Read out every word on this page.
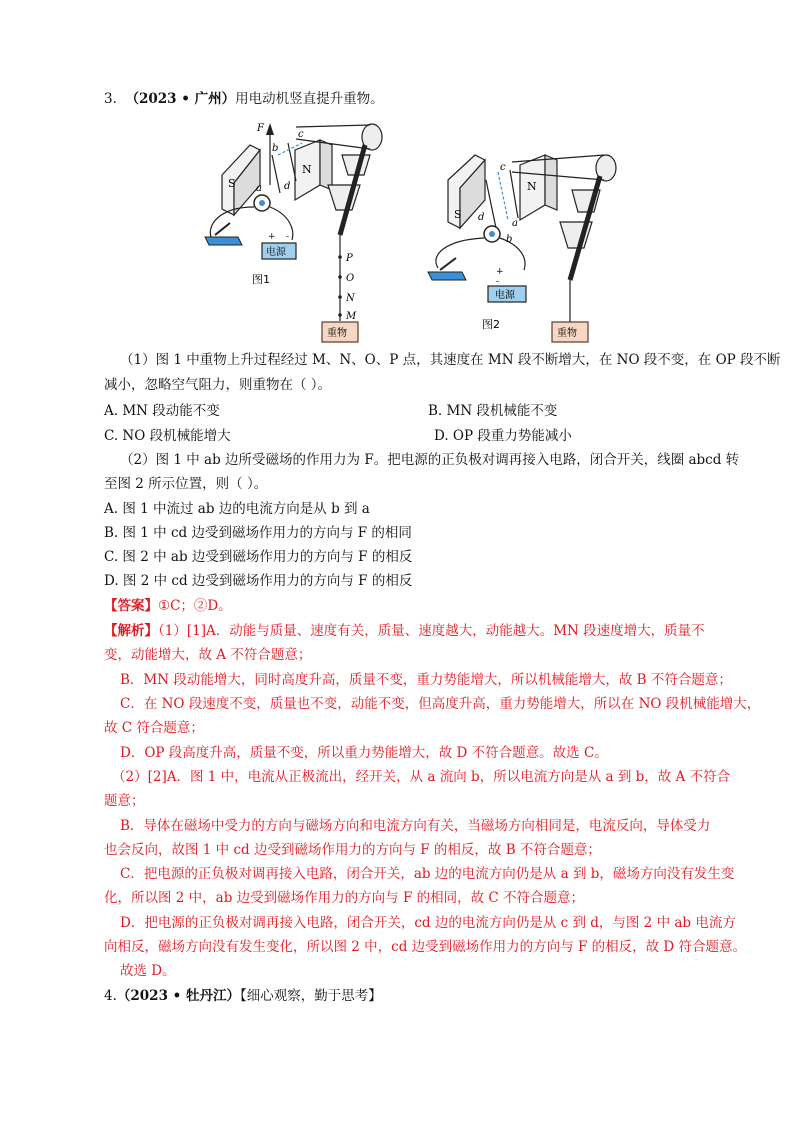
3. （2023 • 广州）用电动机竖直提升重物。
电源
+ -
F
b
a d
c
S
N
P
O
N
M
重物
图1
电源
+
-
c
d
a
b
S
N
重物
图2
（1）图 1 中重物上升过程经过 M、N、O、P 点，其速度在 MN 段不断增大，在 NO 段不变，在 OP 段不断
减小，忽略空气阻力，则重物在（ ）。
A. MN 段动能不变	B. MN 段机械能不变
C. NO 段机械能增大	D. OP 段重力势能减小
（2）图 1 中 ab 边所受磁场的作用力为 F。把电源的正负极对调再接入电路，闭合开关，线圈 abcd 转
至图 2 所示位置，则（ ）。
A. 图 1 中流过 ab 边的电流方向是从 b 到 a
B. 图 1 中 cd 边受到磁场作用力的方向与 F 的相同
C. 图 2 中 ab 边受到磁场作用力的方向与 F 的相反
D. 图 2 中 cd 边受到磁场作用力的方向与 F 的相反
【答案】①C；②D。
【解析】（1）[1]A．动能与质量、速度有关，质量、速度越大，动能越大。MN 段速度增大，质量不
变，动能增大，故 A 不符合题意；
B．MN 段动能增大，同时高度升高，质量不变，重力势能增大，所以机械能增大，故 B 不符合题意；
C．在 NO 段速度不变，质量也不变，动能不变，但高度升高，重力势能增大，所以在 NO 段机械能增大，
故 C 符合题意；
D．OP 段高度升高，质量不变，所以重力势能增大，故 D 不符合题意。故选 C。
（2）[2]A．图 1 中，电流从正极流出，经开关，从 a 流向 b，所以电流方向是从 a 到 b，故 A 不符合
题意；
B．导体在磁场中受力的方向与磁场方向和电流方向有关，当磁场方向相同是，电流反向，导体受力
也会反向，故图 1 中 cd 边受到磁场作用力的方向与 F 的相反，故 B 不符合题意；
C．把电源的正负极对调再接入电路，闭合开关，ab 边的电流方向仍是从 a 到 b，磁场方向没有发生变
化，所以图 2 中，ab 边受到磁场作用力的方向与 F 的相同，故 C 不符合题意；
D．把电源的正负极对调再接入电路，闭合开关，cd 边的电流方向仍是从 c 到 d，与图 2 中 ab 电流方
向相反，磁场方向没有发生变化，所以图 2 中，cd 边受到磁场作用力的方向与 F 的相反，故 D 符合题意。
故选 D。
4.（2023 • 牡丹江）【细心观察，勤于思考】
